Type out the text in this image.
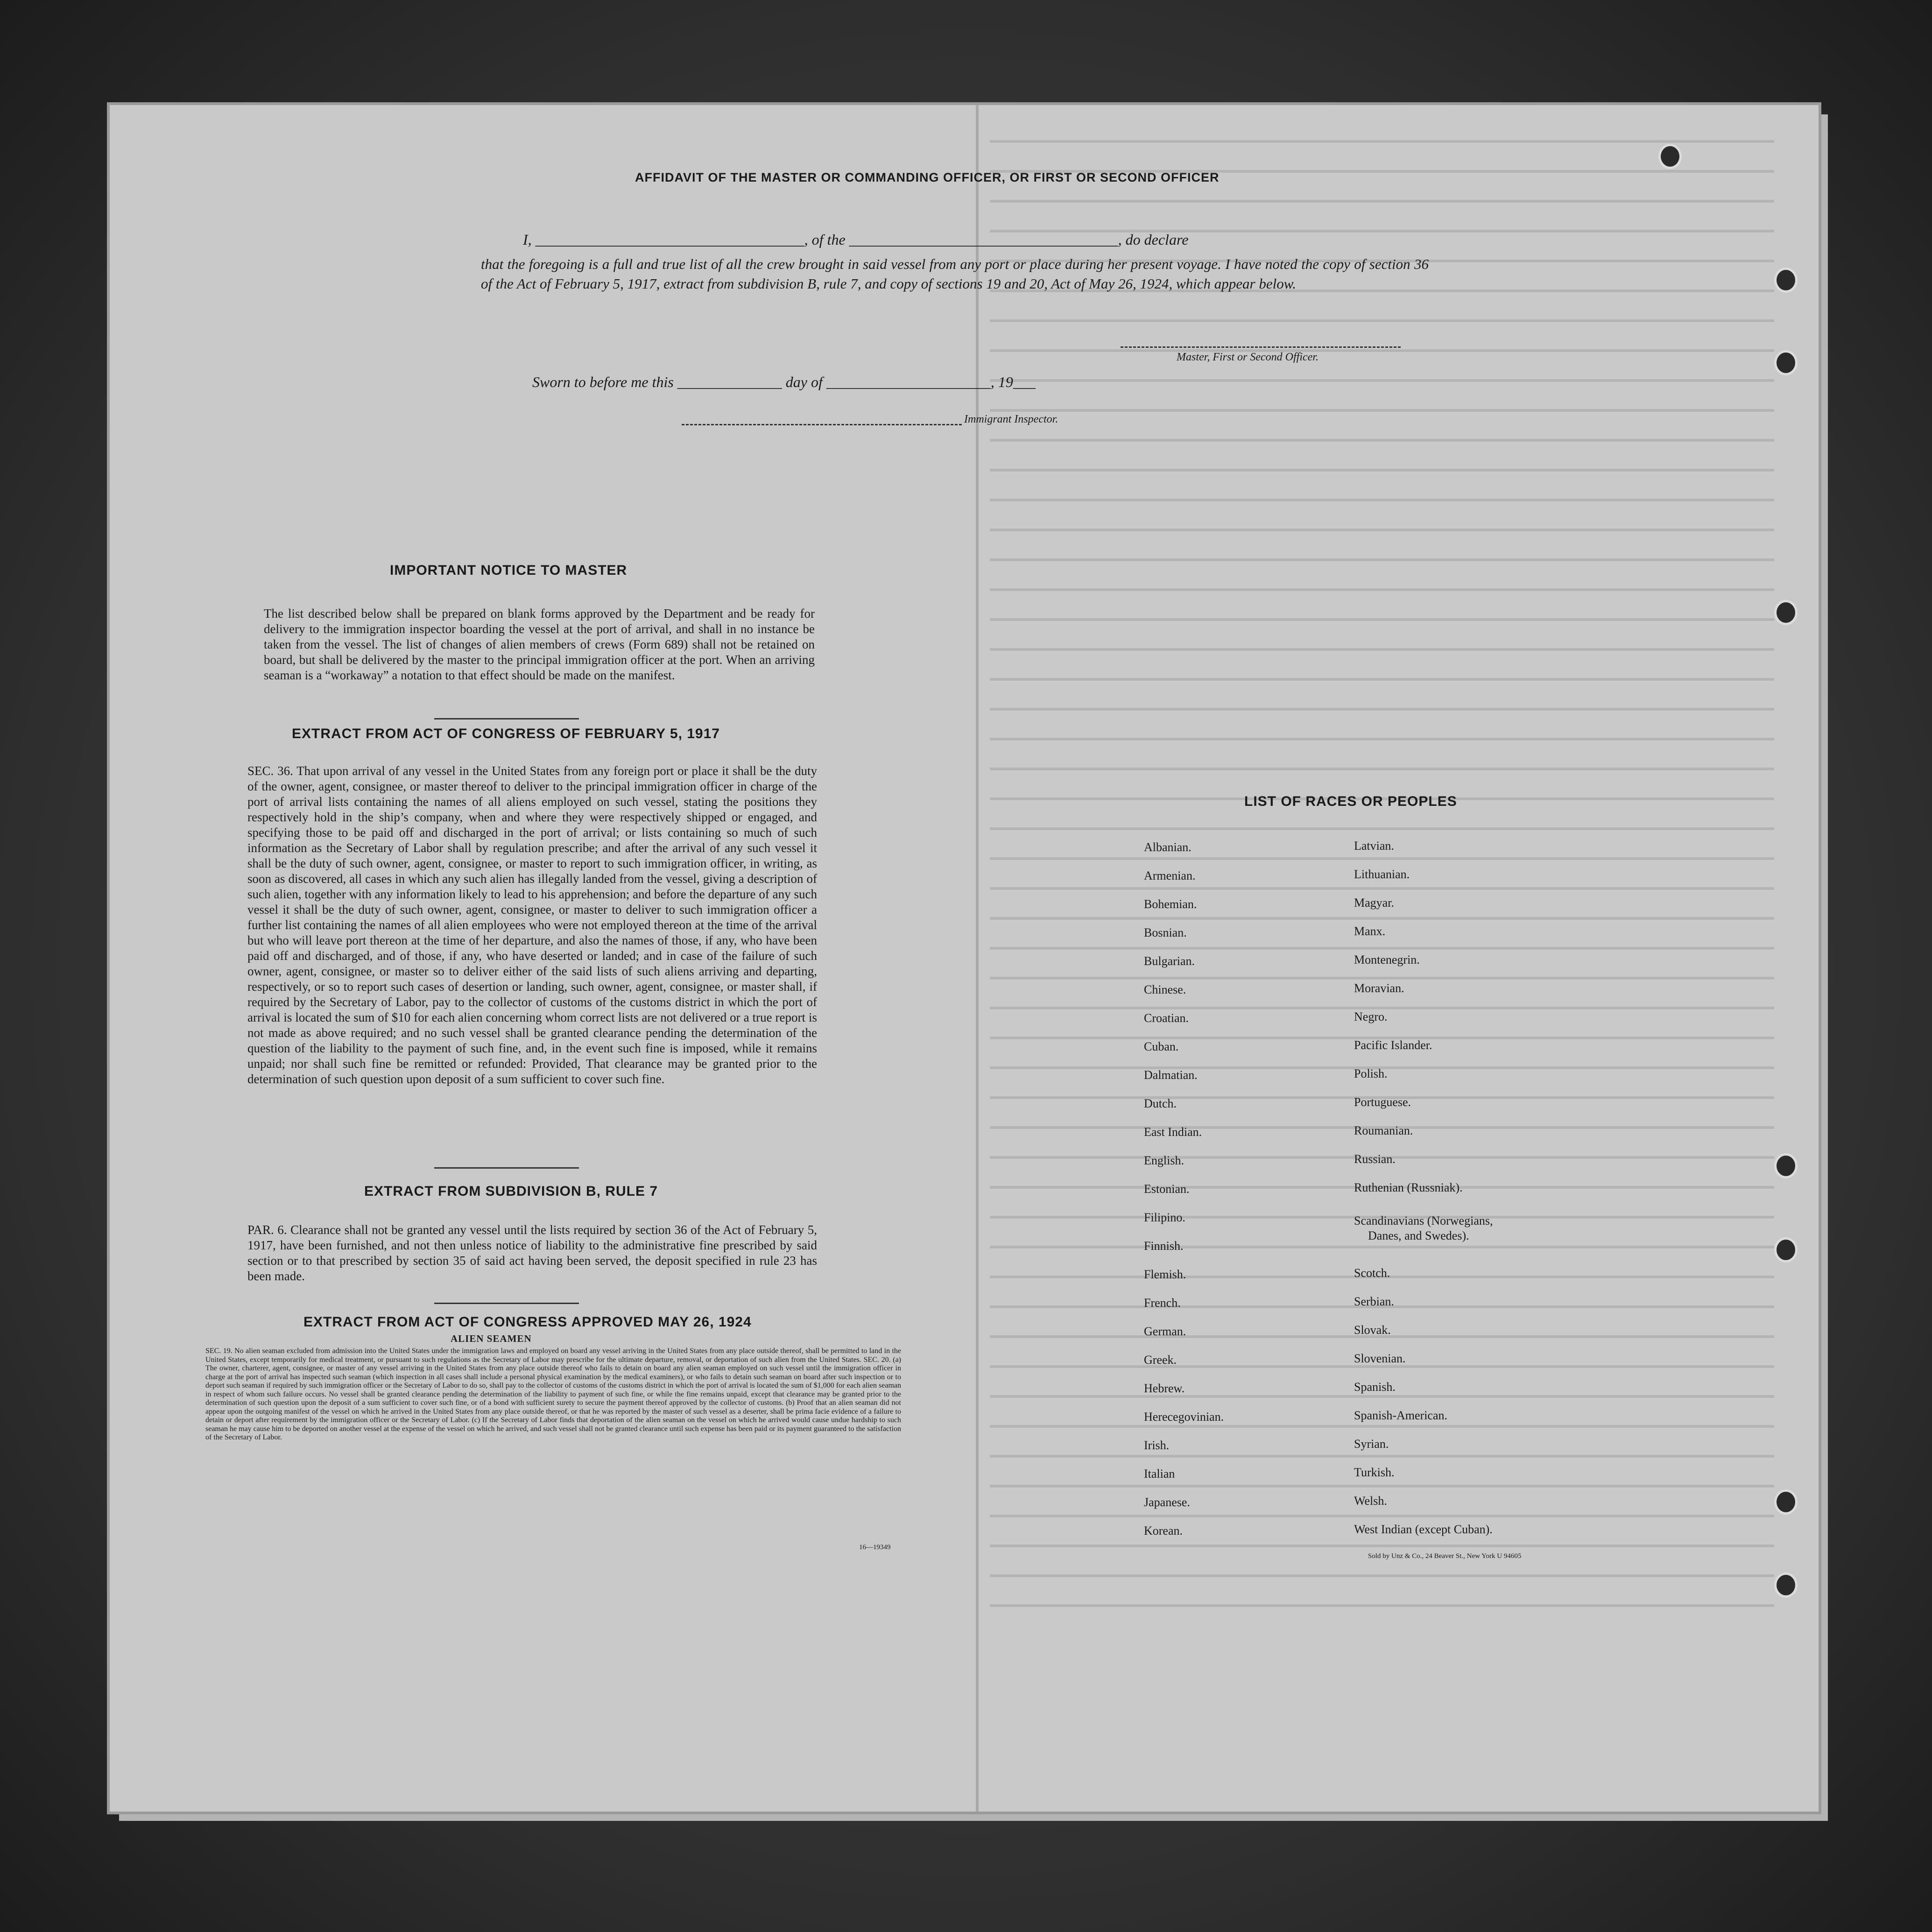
AFFIDAVIT OF THE MASTER OR COMMANDING OFFICER, OR FIRST OR SECOND OFFICER
I, ____________________________________, of the ____________________________________, do declare
that the foregoing is a full and true list of all the crew brought in said vessel from any port or place during her present voyage. I have noted the copy of section 36 of the Act of February 5, 1917, extract from subdivision B, rule 7, and copy of sections 19 and 20, Act of May 26, 1924, which appear below.
Master, First or Second Officer.
Sworn to before me this ______________ day of ______________________, 19___
Immigrant Inspector.
IMPORTANT NOTICE TO MASTER
The list described below shall be prepared on blank forms approved by the Department and be ready for delivery to the immigration inspector boarding the vessel at the port of arrival, and shall in no instance be taken from the vessel. The list of changes of alien members of crews (Form 689) shall not be retained on board, but shall be delivered by the master to the principal immigration officer at the port. When an arriving seaman is a “workaway” a notation to that effect should be made on the manifest.
EXTRACT FROM ACT OF CONGRESS OF FEBRUARY 5, 1917
SEC. 36. That upon arrival of any vessel in the United States from any foreign port or place it shall be the duty of the owner, agent, consignee, or master thereof to deliver to the principal immigration officer in charge of the port of arrival lists containing the names of all aliens employed on such vessel, stating the positions they respectively hold in the ship’s company, when and where they were respectively shipped or engaged, and specifying those to be paid off and discharged in the port of arrival; or lists containing so much of such information as the Secretary of Labor shall by regulation prescribe; and after the arrival of any such vessel it shall be the duty of such owner, agent, consignee, or master to report to such immigration officer, in writing, as soon as discovered, all cases in which any such alien has illegally landed from the vessel, giving a description of such alien, together with any information likely to lead to his apprehension; and before the departure of any such vessel it shall be the duty of such owner, agent, consignee, or master to deliver to such immigration officer a further list containing the names of all alien employees who were not employed thereon at the time of the arrival but who will leave port thereon at the time of her departure, and also the names of those, if any, who have been paid off and discharged, and of those, if any, who have deserted or landed; and in case of the failure of such owner, agent, consignee, or master so to deliver either of the said lists of such aliens arriving and departing, respectively, or so to report such cases of desertion or landing, such owner, agent, consignee, or master shall, if required by the Secretary of Labor, pay to the collector of customs of the customs district in which the port of arrival is located the sum of $10 for each alien concerning whom correct lists are not delivered or a true report is not made as above required; and no such vessel shall be granted clearance pending the determination of the question of the liability to the payment of such fine, and, in the event such fine is imposed, while it remains unpaid; nor shall such fine be remitted or refunded: Provided, That clearance may be granted prior to the determination of such question upon deposit of a sum sufficient to cover such fine.
EXTRACT FROM SUBDIVISION B, RULE 7
PAR. 6. Clearance shall not be granted any vessel until the lists required by section 36 of the Act of February 5, 1917, have been furnished, and not then unless notice of liability to the administrative fine prescribed by said section or to that prescribed by section 35 of said act having been served, the deposit specified in rule 23 has been made.
EXTRACT FROM ACT OF CONGRESS APPROVED MAY 26, 1924
ALIEN SEAMEN
SEC. 19. No alien seaman excluded from admission into the United States under the immigration laws and employed on board any vessel arriving in the United States from any place outside thereof, shall be permitted to land in the United States, except temporarily for medical treatment, or pursuant to such regulations as the Secretary of Labor may prescribe for the ultimate departure, removal, or deportation of such alien from the United States. SEC. 20. (a) The owner, charterer, agent, consignee, or master of any vessel arriving in the United States from any place outside thereof who fails to detain on board any alien seaman employed on such vessel until the immigration officer in charge at the port of arrival has inspected such seaman (which inspection in all cases shall include a personal physical examination by the medical examiners), or who fails to detain such seaman on board after such inspection or to deport such seaman if required by such immigration officer or the Secretary of Labor to do so, shall pay to the collector of customs of the customs district in which the port of arrival is located the sum of $1,000 for each alien seaman in respect of whom such failure occurs. No vessel shall be granted clearance pending the determination of the liability to payment of such fine, or while the fine remains unpaid, except that clearance may be granted prior to the determination of such question upon the deposit of a sum sufficient to cover such fine, or of a bond with sufficient surety to secure the payment thereof approved by the collector of customs. (b) Proof that an alien seaman did not appear upon the outgoing manifest of the vessel on which he arrived in the United States from any place outside thereof, or that he was reported by the master of such vessel as a deserter, shall be prima facie evidence of a failure to detain or deport after requirement by the immigration officer or the Secretary of Labor. (c) If the Secretary of Labor finds that deportation of the alien seaman on the vessel on which he arrived would cause undue hardship to such seaman he may cause him to be deported on another vessel at the expense of the vessel on which he arrived, and such vessel shall not be granted clearance until such expense has been paid or its payment guaranteed to the satisfaction of the Secretary of Labor.
16—19349
LIST OF RACES OR PEOPLES
Albanian.
Armenian.
Bohemian.
Bosnian.
Bulgarian.
Chinese.
Croatian.
Cuban.
Dalmatian.
Dutch.
East Indian.
English.
Estonian.
Filipino.
Finnish.
Flemish.
French.
German.
Greek.
Hebrew.
Herecegovinian.
Irish.
Italian
Japanese.
Korean.
Latvian.
Lithuanian.
Magyar.
Manx.
Montenegrin.
Moravian.
Negro.
Pacific Islander.
Polish.
Portuguese.
Roumanian.
Russian.
Ruthenian (Russniak).
Scandinavians (Norwegians,
Danes, and Swedes).
Scotch.
Serbian.
Slovak.
Slovenian.
Spanish.
Spanish-American.
Syrian.
Turkish.
Welsh.
West Indian (except Cuban).
Sold by Unz & Co., 24 Beaver St., New York U 94605
